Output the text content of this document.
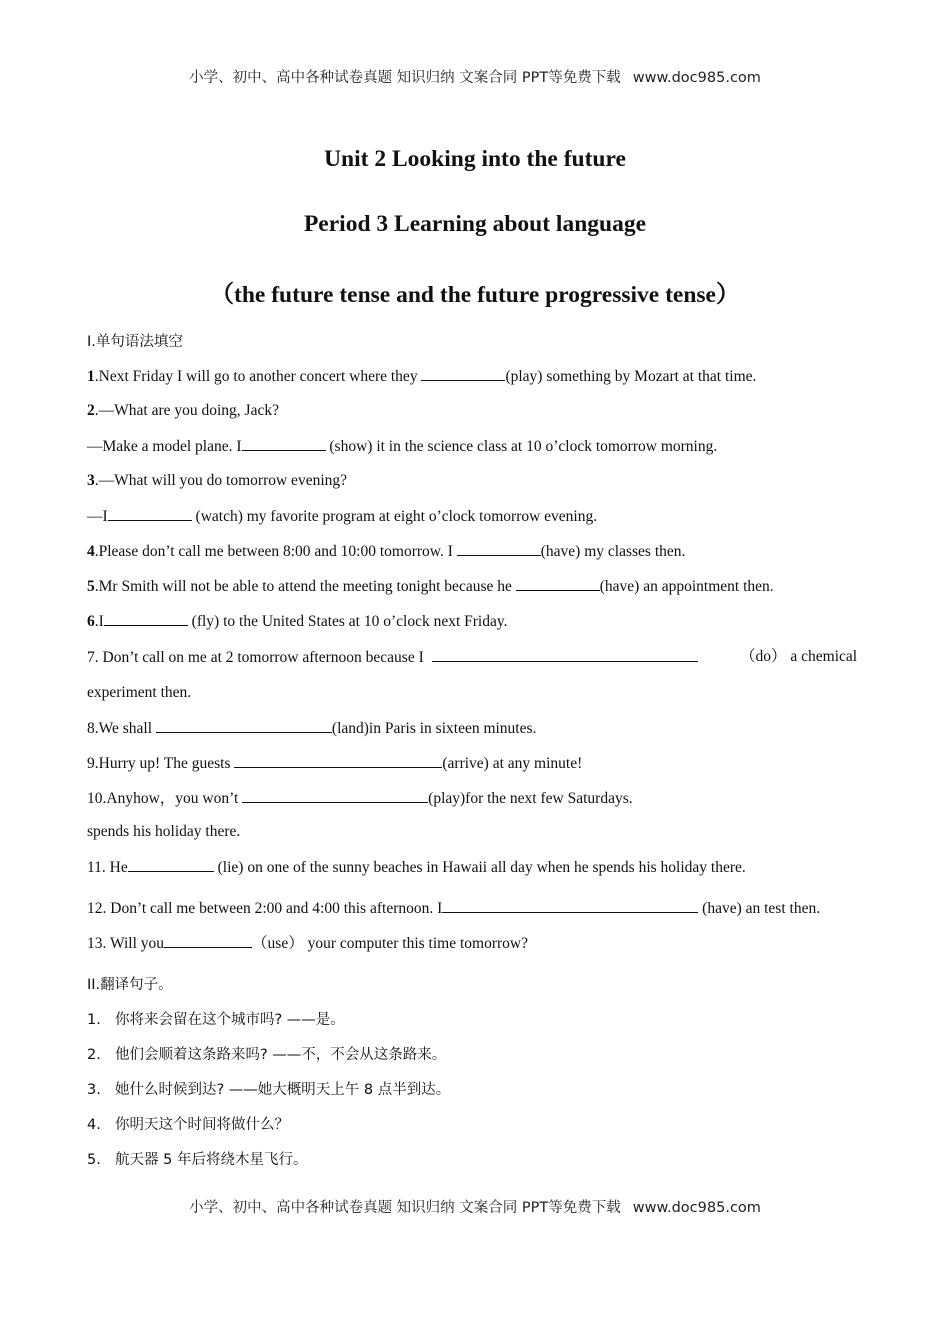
小学、初中、高中各种试卷真题 知识归纳 文案合同 PPT等免费下载 www.doc985.com
Unit 2 Looking into the future
Period 3 Learning about language
（the future tense and the future progressive tense）
I.单句语法填空
1.Next Friday I will go to another concert where they	(play) something by Mozart at that time.
2.—What are you doing, Jack?
—Make a model plane. I	(show) it in the science class at 10 o’clock tomorrow morning.
3.—What will you do tomorrow evening?
—I	(watch) my favorite program at eight o’clock tomorrow evening.
4.Please don’t call me between 8:00 and 10:00 tomorrow. I	(have) my classes then.
5.Mr Smith will not be able to attend the meeting tonight because he	(have) an appointment then.
6.I	(fly) to the United States at 10 o’clock next Friday.
7. Don’t call on me at 2 tomorrow afternoon because I	（do） a chemical
experiment then.
8.We shall	(land)in Paris in sixteen minutes.
9.Hurry up! The guests	(arrive) at any minute!
10.Anyhow，you won’t	(play)for the next few Saturdays.
spends his holiday there.
11. He	(lie) on one of the sunny beaches in Hawaii all day when he spends his holiday there.
12. Don’t call me between 2:00 and 4:00 this afternoon. I	(have) an test then.
13. Will you	（use） your computer this time tomorrow?
II.翻译句子。
1. 你将来会留在这个城市吗? ——是。
2. 他们会顺着这条路来吗? ——不，不会从这条路来。
3. 她什么时候到达? ——她大概明天上午 8 点半到达。
4. 你明天这个时间将做什么？
5. 航天器 5 年后将绕木星飞行。
小学、初中、高中各种试卷真题 知识归纳 文案合同 PPT等免费下载 www.doc985.com
